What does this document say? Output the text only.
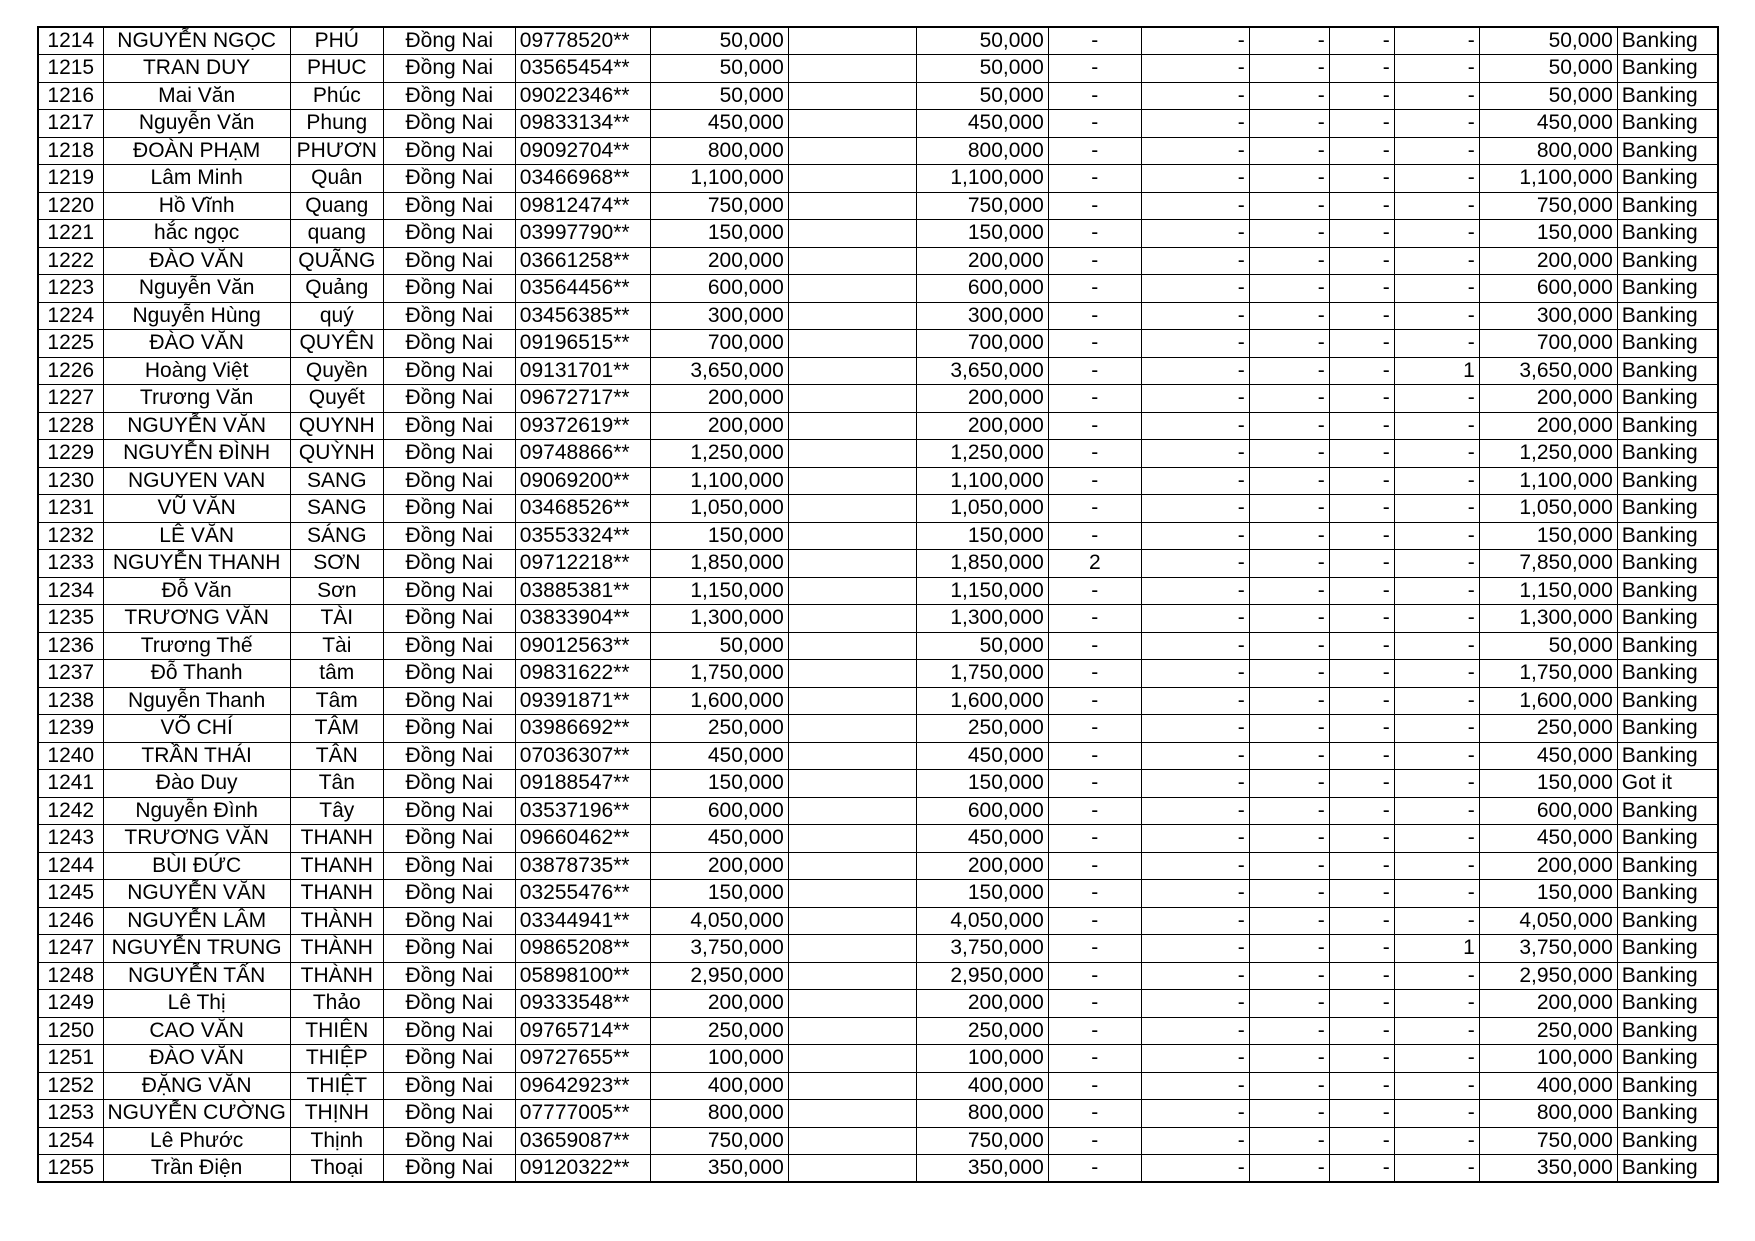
1214	NGUYỄN NGỌC	PHÚ	Đồng Nai	09778520**	50,000		50,000	-	-	-	-	-	50,000	Banking
1215	TRAN DUY	PHUC	Đồng Nai	03565454**	50,000		50,000	-	-	-	-	-	50,000	Banking
1216	Mai Văn	Phúc	Đồng Nai	09022346**	50,000		50,000	-	-	-	-	-	50,000	Banking
1217	Nguyễn Văn	Phung	Đồng Nai	09833134**	450,000		450,000	-	-	-	-	-	450,000	Banking
1218	ĐOÀN PHẠM	PHƯƠN	Đồng Nai	09092704**	800,000		800,000	-	-	-	-	-	800,000	Banking
1219	Lâm Minh	Quân	Đồng Nai	03466968**	1,100,000		1,100,000	-	-	-	-	-	1,100,000	Banking
1220	Hồ Vĩnh	Quang	Đồng Nai	09812474**	750,000		750,000	-	-	-	-	-	750,000	Banking
1221	hắc ngọc	quang	Đồng Nai	03997790**	150,000		150,000	-	-	-	-	-	150,000	Banking
1222	ĐÀO VĂN	QUÃNG	Đồng Nai	03661258**	200,000		200,000	-	-	-	-	-	200,000	Banking
1223	Nguyễn Văn	Quảng	Đồng Nai	03564456**	600,000		600,000	-	-	-	-	-	600,000	Banking
1224	Nguyễn Hùng	quý	Đồng Nai	03456385**	300,000		300,000	-	-	-	-	-	300,000	Banking
1225	ĐÀO VĂN	QUYÊN	Đồng Nai	09196515**	700,000		700,000	-	-	-	-	-	700,000	Banking
1226	Hoàng Việt	Quyền	Đồng Nai	09131701**	3,650,000		3,650,000	-	-	-	-	1	3,650,000	Banking
1227	Trương Văn	Quyết	Đồng Nai	09672717**	200,000		200,000	-	-	-	-	-	200,000	Banking
1228	NGUYỄN VĂN	QUYNH	Đồng Nai	09372619**	200,000		200,000	-	-	-	-	-	200,000	Banking
1229	NGUYỄN ĐÌNH	QUỲNH	Đồng Nai	09748866**	1,250,000		1,250,000	-	-	-	-	-	1,250,000	Banking
1230	NGUYEN VAN	SANG	Đồng Nai	09069200**	1,100,000		1,100,000	-	-	-	-	-	1,100,000	Banking
1231	VŨ VĂN	SANG	Đồng Nai	03468526**	1,050,000		1,050,000	-	-	-	-	-	1,050,000	Banking
1232	LÊ VĂN	SÁNG	Đồng Nai	03553324**	150,000		150,000	-	-	-	-	-	150,000	Banking
1233	NGUYỄN THANH	SƠN	Đồng Nai	09712218**	1,850,000		1,850,000	2	-	-	-	-	7,850,000	Banking
1234	Đỗ Văn	Sơn	Đồng Nai	03885381**	1,150,000		1,150,000	-	-	-	-	-	1,150,000	Banking
1235	TRƯƠNG VĂN	TÀI	Đồng Nai	03833904**	1,300,000		1,300,000	-	-	-	-	-	1,300,000	Banking
1236	Trương Thế	Tài	Đồng Nai	09012563**	50,000		50,000	-	-	-	-	-	50,000	Banking
1237	Đỗ Thanh	tâm	Đồng Nai	09831622**	1,750,000		1,750,000	-	-	-	-	-	1,750,000	Banking
1238	Nguyễn Thanh	Tâm	Đồng Nai	09391871**	1,600,000		1,600,000	-	-	-	-	-	1,600,000	Banking
1239	VÕ CHÍ	TÂM	Đồng Nai	03986692**	250,000		250,000	-	-	-	-	-	250,000	Banking
1240	TRẦN THÁI	TÂN	Đồng Nai	07036307**	450,000		450,000	-	-	-	-	-	450,000	Banking
1241	Đào Duy	Tân	Đồng Nai	09188547**	150,000		150,000	-	-	-	-	-	150,000	Got it
1242	Nguyễn Đình	Tây	Đồng Nai	03537196**	600,000		600,000	-	-	-	-	-	600,000	Banking
1243	TRƯƠNG VĂN	THANH	Đồng Nai	09660462**	450,000		450,000	-	-	-	-	-	450,000	Banking
1244	BÙI ĐỨC	THANH	Đồng Nai	03878735**	200,000		200,000	-	-	-	-	-	200,000	Banking
1245	NGUYỄN VĂN	THANH	Đồng Nai	03255476**	150,000		150,000	-	-	-	-	-	150,000	Banking
1246	NGUYỄN LÂM	THÀNH	Đồng Nai	03344941**	4,050,000		4,050,000	-	-	-	-	-	4,050,000	Banking
1247	NGUYỄN TRUNG	THÀNH	Đồng Nai	09865208**	3,750,000		3,750,000	-	-	-	-	1	3,750,000	Banking
1248	NGUYỄN TẤN	THÀNH	Đồng Nai	05898100**	2,950,000		2,950,000	-	-	-	-	-	2,950,000	Banking
1249	Lê Thị	Thảo	Đồng Nai	09333548**	200,000		200,000	-	-	-	-	-	200,000	Banking
1250	CAO VĂN	THIÊN	Đồng Nai	09765714**	250,000		250,000	-	-	-	-	-	250,000	Banking
1251	ĐÀO VĂN	THIỆP	Đồng Nai	09727655**	100,000		100,000	-	-	-	-	-	100,000	Banking
1252	ĐẶNG VĂN	THIỆT	Đồng Nai	09642923**	400,000		400,000	-	-	-	-	-	400,000	Banking
1253	NGUYỄN CƯỜNG	THỊNH	Đồng Nai	07777005**	800,000		800,000	-	-	-	-	-	800,000	Banking
1254	Lê Phước	Thịnh	Đồng Nai	03659087**	750,000		750,000	-	-	-	-	-	750,000	Banking
1255	Trần Điện	Thoại	Đồng Nai	09120322**	350,000		350,000	-	-	-	-	-	350,000	Banking
